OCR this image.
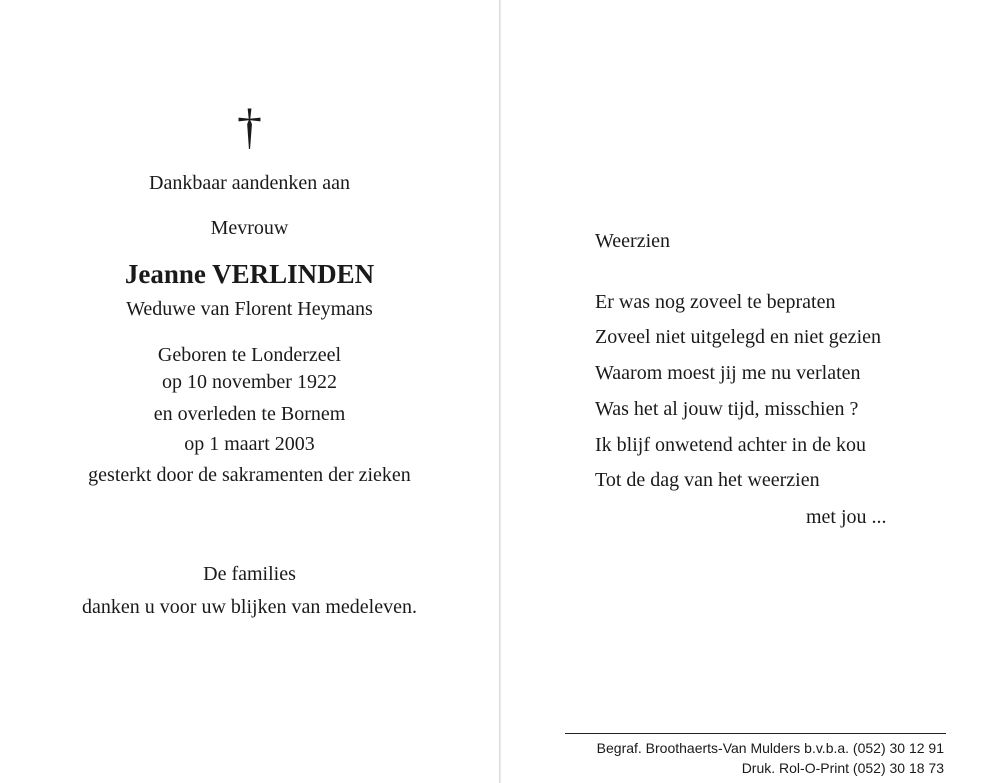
†
Dankbaar aandenken aan
Mevrouw
Jeanne VERLINDEN
Weduwe van Florent Heymans
Geboren te Londerzeel
op 10 november 1922
en overleden te Bornem
op 1 maart 2003
gesterkt door de sakramenten der zieken
De families
danken u voor uw blijken van medeleven.
Weerzien
Er was nog zoveel te bepraten
Zoveel niet uitgelegd en niet gezien
Waarom moest jij me nu verlaten
Was het al jouw tijd, misschien ?
Ik blijf onwetend achter in de kou
Tot de dag van het weerzien
met jou ...
Begraf. Broothaerts-Van Mulders b.v.b.a. (052) 30 12 91
Druk. Rol-O-Print (052) 30 18 73
